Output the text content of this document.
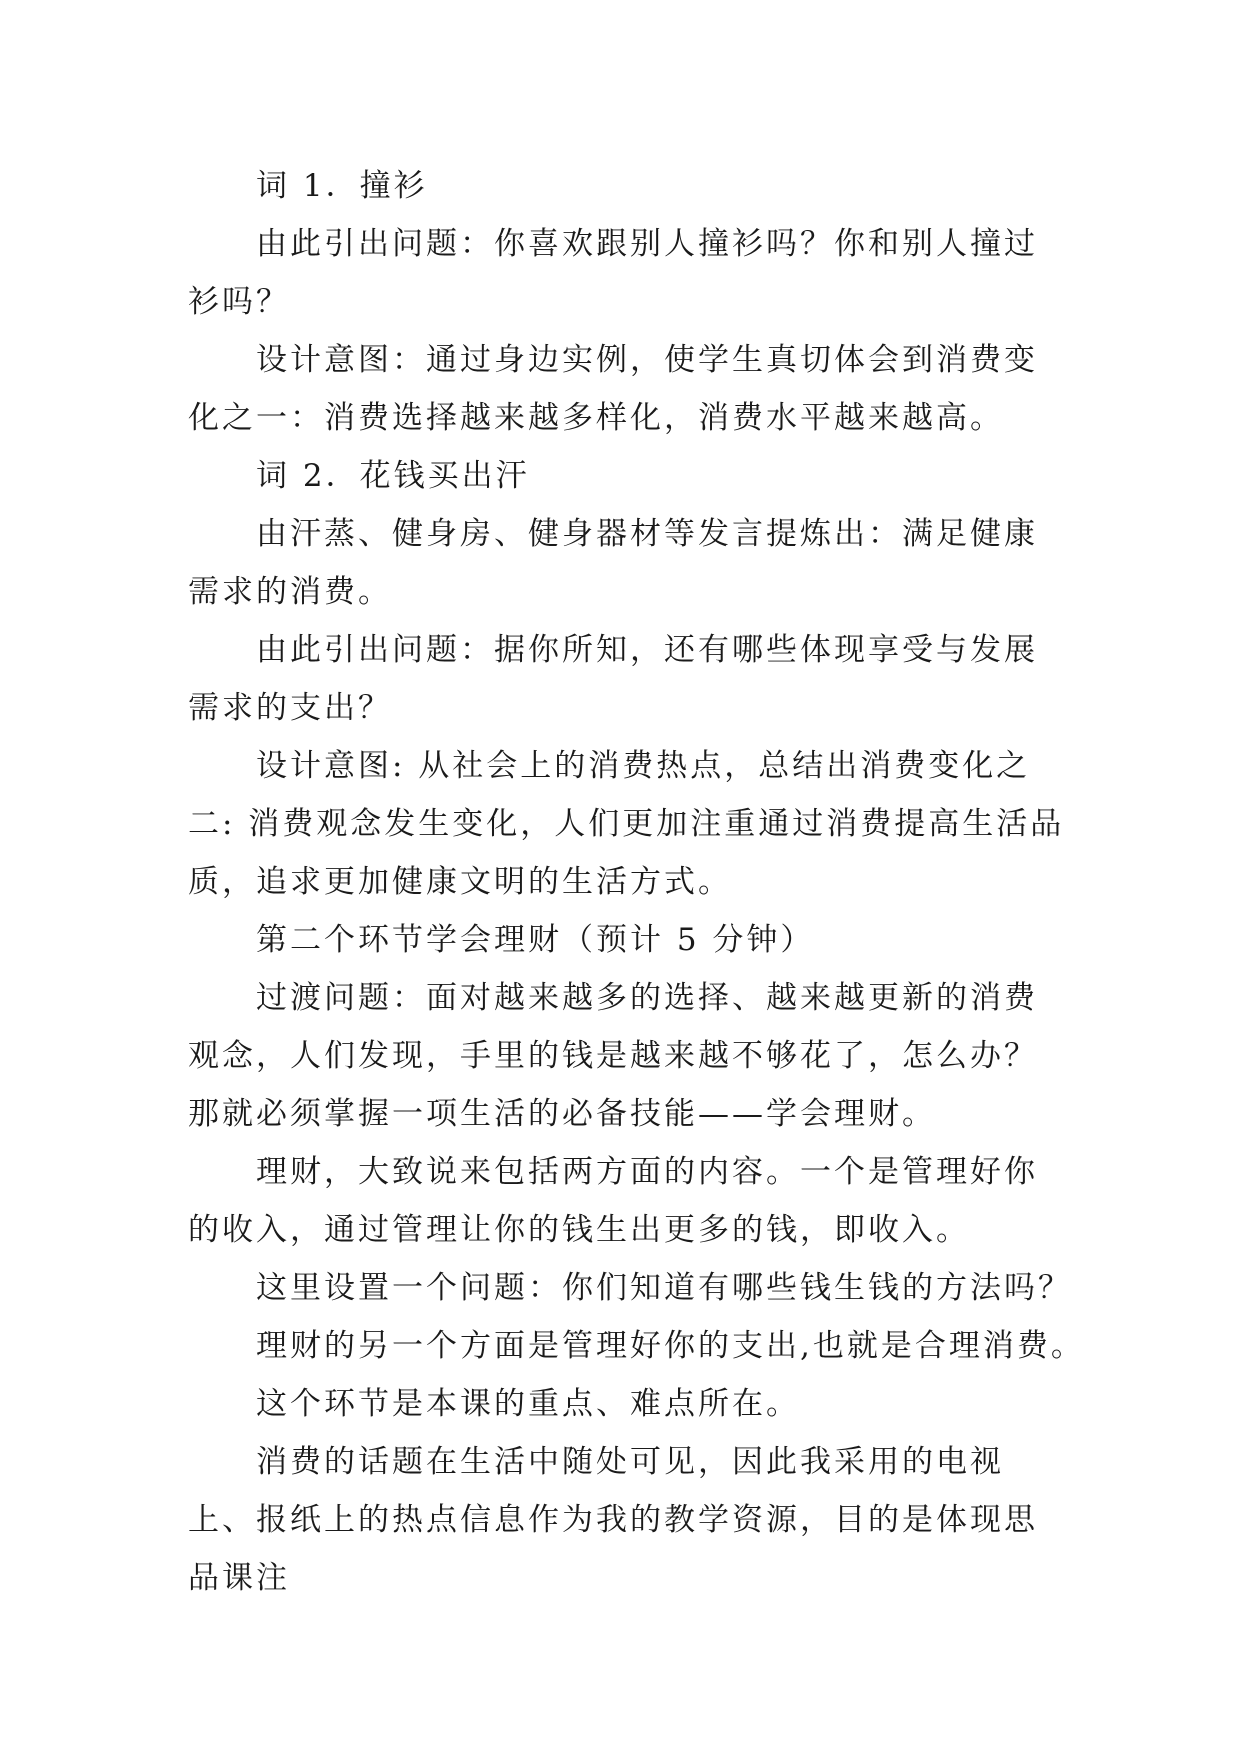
词 1．撞衫

由此引出问题：你喜欢跟别人撞衫吗？你和别人撞过衫吗？

设计意图：通过身边实例，使学生真切体会到消费变化之一：消费选择越来越多样化，消费水平越来越高。

词 2．花钱买出汗

由汗蒸、健身房、健身器材等发言提炼出：满足健康需求的消费。

由此引出问题：据你所知，还有哪些体现享受与发展需求的支出？

设计意图: 从社会上的消费热点，总结出消费变化之二: 消费观念发生变化，人们更加注重通过消费提高生活品质，追求更加健康文明的生活方式。

第二个环节学会理财（预计 5 分钟）

过渡问题：面对越来越多的选择、越来越更新的消费观念，人们发现，手里的钱是越来越不够花了，怎么办？那就必须掌握一项生活的必备技能——学会理财。

理财，大致说来包括两方面的内容。一个是管理好你的收入，通过管理让你的钱生出更多的钱，即收入。

这里设置一个问题：你们知道有哪些钱生钱的方法吗？

理财的另一个方面是管理好你的支出,也就是合理消费。

这个环节是本课的重点、难点所在。

消费的话题在生活中随处可见，因此我采用的电视上、报纸上的热点信息作为我的教学资源，目的是体现思品课注
